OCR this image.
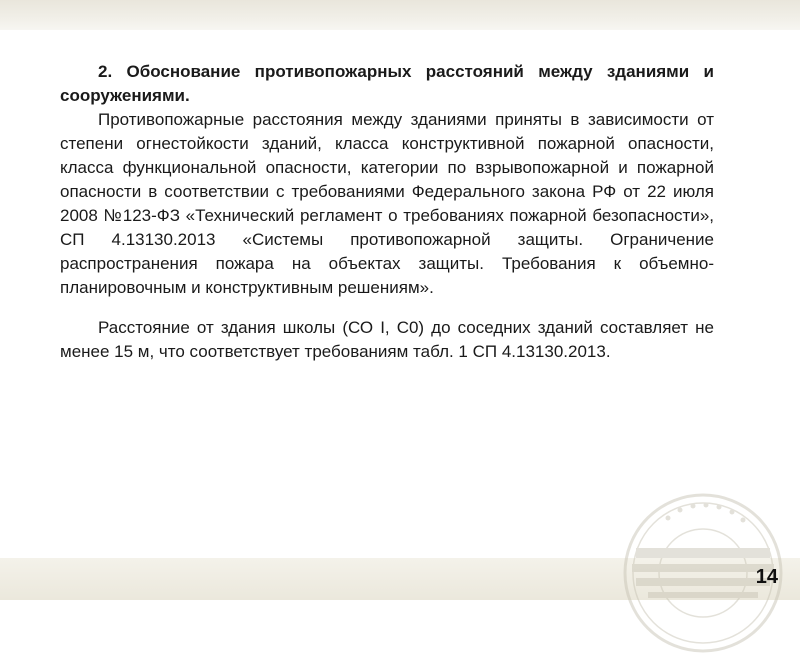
2. Обоснование противопожарных расстояний между зданиями и сооружениями.

Противопожарные расстояния между зданиями приняты в зависимости от степени огнестойкости зданий, класса конструктивной пожарной опасности, класса функциональной опасности, категории по взрывопожарной и пожарной опасности в соответствии с требованиями Федерального закона РФ от 22 июля 2008 №123-ФЗ «Технический регламент о требованиях пожарной безопасности», СП 4.13130.2013 «Системы противопожарной защиты. Ограничение распространения пожара на объектах защиты. Требования к объемно-планировочным и конструктивным решениям».

Расстояние от здания школы (СО I, С0) до соседних зданий составляет не менее 15 м, что соответствует требованиям табл. 1 СП 4.13130.2013.

14
